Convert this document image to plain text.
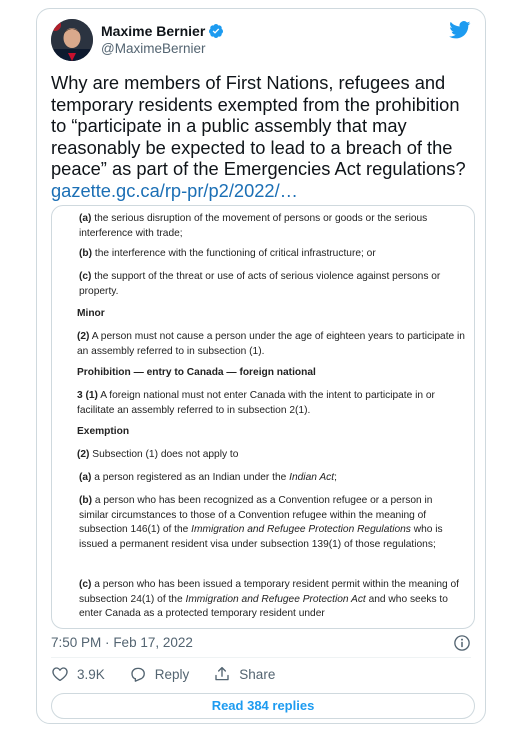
Maxime Bernier
@MaximeBernier

Why are members of First Nations, refugees and temporary residents exempted from the prohibition to “participate in a public assembly that may reasonably be expected to lead to a breach of the peace” as part of the Emergencies Act regulations?
gazette.gc.ca/rp-pr/p2/2022/…

(a) the serious disruption of the movement of persons or goods or the serious interference with trade;

(b) the interference with the functioning of critical infrastructure; or

(c) the support of the threat or use of acts of serious violence against persons or property.

Minor

(2) A person must not cause a person under the age of eighteen years to participate in an assembly referred to in subsection (1).

Prohibition — entry to Canada — foreign national

3 (1) A foreign national must not enter Canada with the intent to participate in or facilitate an assembly referred to in subsection 2(1).

Exemption

(2) Subsection (1) does not apply to

(a) a person registered as an Indian under the Indian Act;

(b) a person who has been recognized as a Convention refugee or a person in similar circumstances to those of a Convention refugee within the meaning of subsection 146(1) of the Immigration and Refugee Protection Regulations who is issued a permanent resident visa under subsection 139(1) of those regulations;

(c) a person who has been issued a temporary resident permit within the meaning of subsection 24(1) of the Immigration and Refugee Protection Act and who seeks to enter Canada as a protected temporary resident under

7:50 PM · Feb 17, 2022
3.9K	Reply	Share
Read 384 replies
